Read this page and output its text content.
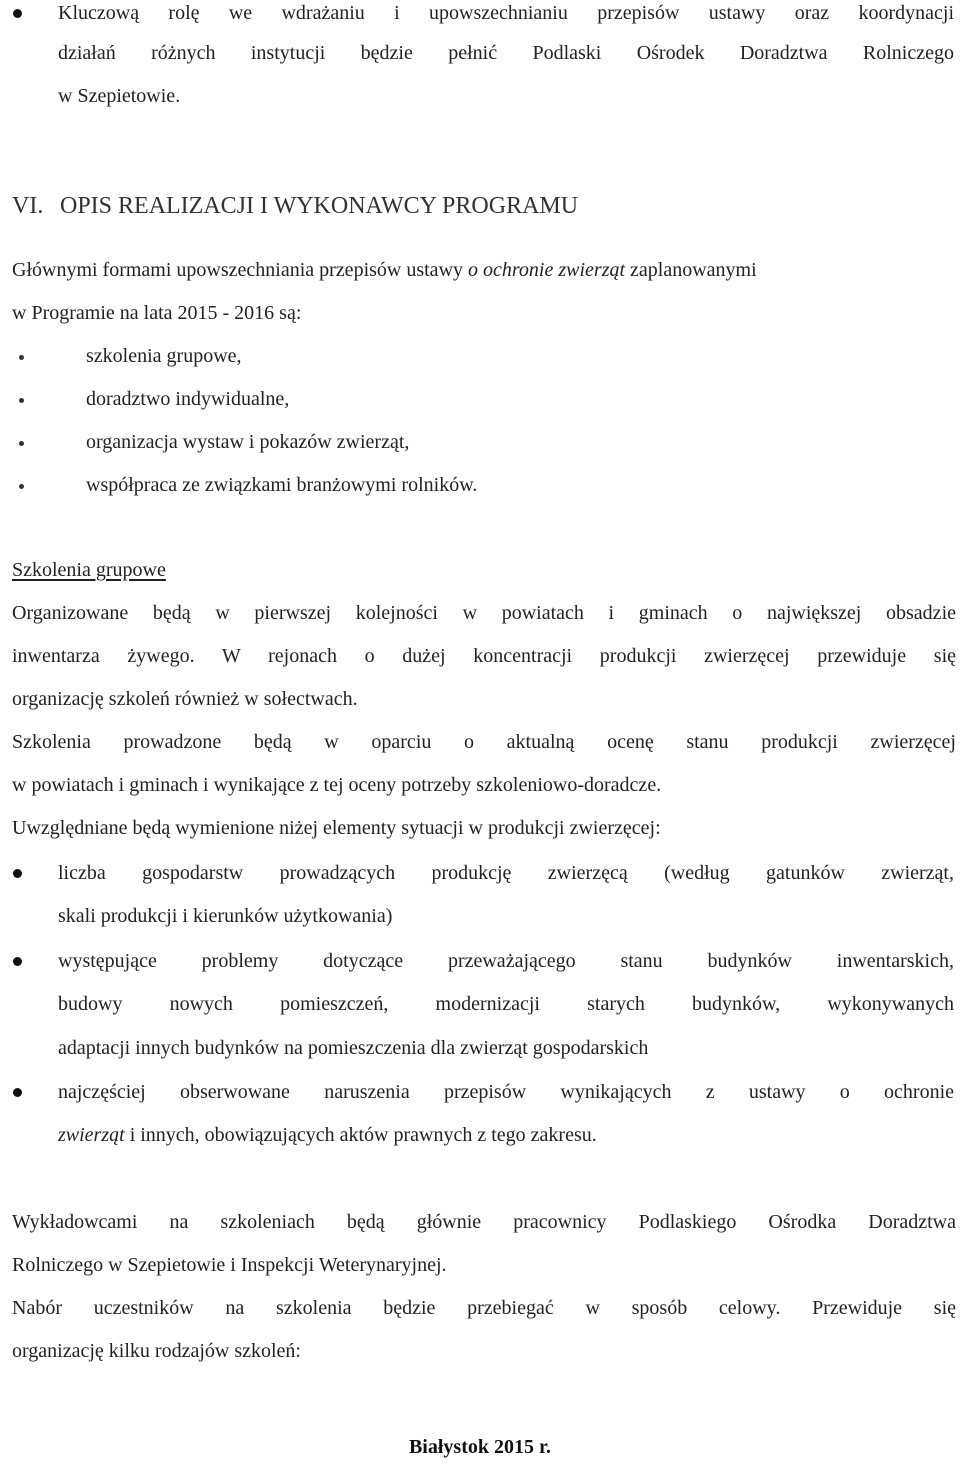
Kluczową rolę we wdrażaniu i upowszechnianiu przepisów ustawy oraz koordynacji
działań różnych instytucji będzie pełnić Podlaski Ośrodek Doradztwa Rolniczego
w Szepietowie.
VI. OPIS REALIZACJI I WYKONAWCY PROGRAMU
Głównymi formami upowszechniania przepisów ustawy o ochronie zwierząt zaplanowanymi
w Programie na lata 2015 - 2016 są:
szkolenia grupowe,
doradztwo indywidualne,
organizacja wystaw i pokazów zwierząt,
współpraca ze związkami branżowymi rolników.
Szkolenia grupowe
Organizowane będą w pierwszej kolejności w powiatach i gminach o największej obsadzie
inwentarza żywego. W rejonach o dużej koncentracji produkcji zwierzęcej przewiduje się
organizację szkoleń również w sołectwach.
Szkolenia prowadzone będą w oparciu o aktualną ocenę stanu produkcji zwierzęcej
w powiatach i gminach i wynikające z tej oceny potrzeby szkoleniowo-doradcze.
Uwzględniane będą wymienione niżej elementy sytuacji w produkcji zwierzęcej:
liczba gospodarstw prowadzących produkcję zwierzęcą (według gatunków zwierząt,
skali produkcji i kierunków użytkowania)
występujące problemy dotyczące przeważającego stanu budynków inwentarskich,
budowy nowych pomieszczeń, modernizacji starych budynków, wykonywanych
adaptacji innych budynków na pomieszczenia dla zwierząt gospodarskich
najczęściej obserwowane naruszenia przepisów wynikających z ustawy o ochronie
zwierząt i innych, obowiązujących aktów prawnych z tego zakresu.
Wykładowcami na szkoleniach będą głównie pracownicy Podlaskiego Ośrodka Doradztwa
Rolniczego w Szepietowie i Inspekcji Weterynaryjnej.
Nabór uczestników na szkolenia będzie przebiegać w sposób celowy. Przewiduje się
organizację kilku rodzajów szkoleń:
Białystok 2015 r.
